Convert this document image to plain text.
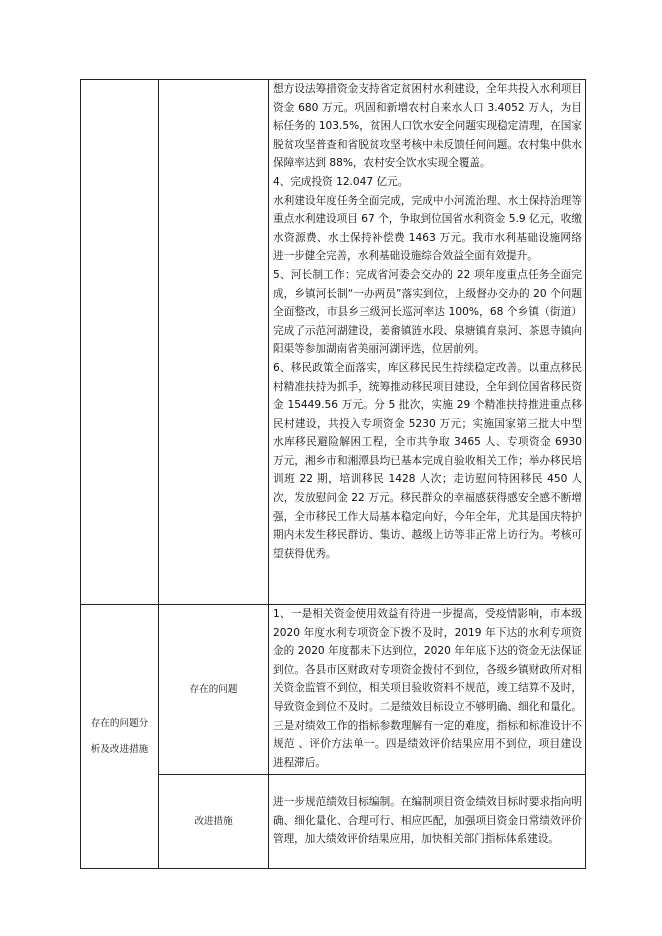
		想方设法筹措资金支持省定贫困村水利建设，全年共投入水利项目资金 680 万元。巩固和新增农村自来水人口 3.4052 万人，为目标任务的 103.5%，贫困人口饮水安全问题实现稳定清理，在国家脱贫攻坚普查和省脱贫攻坚考核中未反馈任何问题。农村集中供水保障率达到 88%，农村安全饮水实现全覆盖。

4、完成投资 12.047 亿元。

水利建设年度任务全面完成，完成中小河流治理、水土保持治理等重点水利建设项目 67 个，争取到位国省水利资金 5.9 亿元，收缴水资源费、水土保持补偿费 1463 万元。我市水利基础设施网络进一步健全完善，水利基础设施综合效益全面有效提升。

5、河长制工作：完成省河委会交办的 22 项年度重点任务全面完成，乡镇河长制“一办两员”落实到位，上级督办交办的 20 个问题全面整改，市县乡三级河长巡河率达 100%，68 个乡镇（街道）完成了示范河湖建设，姜畲镇涟水段、泉塘镇育泉河、茶恩寺镇向阳渠等参加湖南省美丽河湖评选，位居前列。

6、移民政策全面落实，库区移民民生持续稳定改善。以重点移民村精准扶持为抓手，统筹推动移民项目建设，全年到位国省移民资金 15449.56 万元。分 5 批次，实施 29 个精准扶持推进重点移民村建设，共投入专项资金 5230 万元；实施国家第三批大中型水库移民避险解困工程，全市共争取 3465 人、专项资金 6930 万元，湘乡市和湘潭县均已基本完成自验收相关工作；举办移民培训班 22 期，培训移民 1428 人次；走访慰问特困移民 450 人次，发放慰问金 22 万元。移民群众的幸福感获得感安全感不断增强，全市移民工作大局基本稳定向好，今年全年，尤其是国庆特护期内未发生移民群访、集访、越级上访等非正常上访行为。考核可望获得优秀。

存在的问题分
析及改进措施	存在的问题	1、一是相关资金使用效益有待进一步提高，受疫情影响，市本级 2020 年度水利专项资金下拨不及时，2019 年下达的水利专项资金的 2020 年度都未下达到位，2020 年年底下达的资金无法保证到位。各县市区财政对专项资金拨付不到位，各级乡镇财政所对相关资金监管不到位，相关项目验收资料不规范，竣工结算不及时，导致资金到位不及时。二是绩效目标设立不够明确、细化和量化。三是对绩效工作的指标参数理解有一定的难度，指标和标准设计不规范 、评价方法单一。四是绩效评价结果应用不到位，项目建设进程滞后。

	改进措施	进一步规范绩效目标编制。在编制项目资金绩效目标时要求指向明确、细化量化、合理可行、相应匹配，加强项目资金日常绩效评价管理，加大绩效评价结果应用，加快相关部门指标体系建设。
